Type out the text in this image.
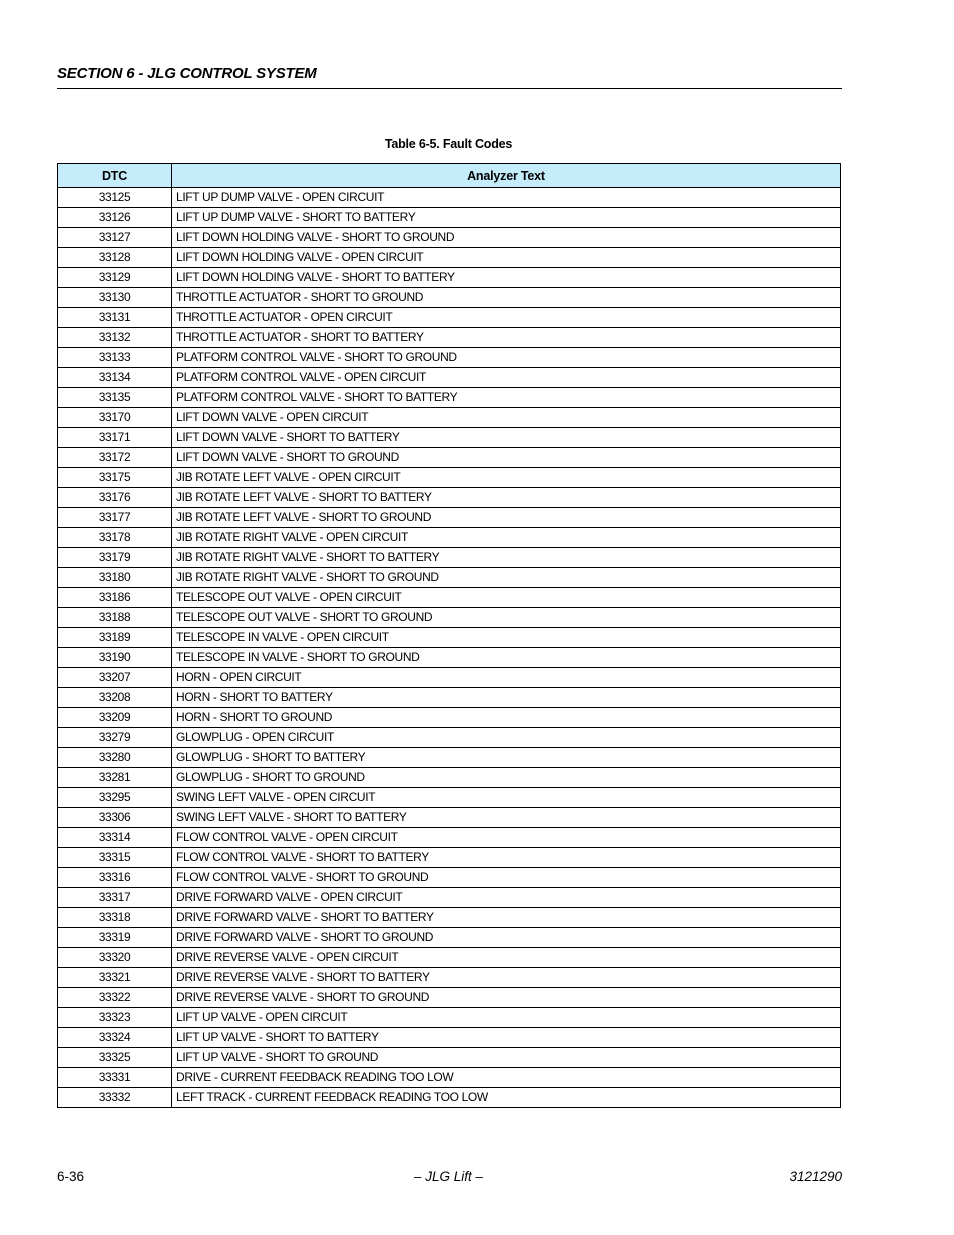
SECTION 6 - JLG CONTROL SYSTEM
Table 6-5. Fault Codes
DTC	Analyzer Text
33125	LIFT UP DUMP VALVE - OPEN CIRCUIT
33126	LIFT UP DUMP VALVE - SHORT TO BATTERY
33127	LIFT DOWN HOLDING VALVE - SHORT TO GROUND
33128	LIFT DOWN HOLDING VALVE - OPEN CIRCUIT
33129	LIFT DOWN HOLDING VALVE - SHORT TO BATTERY
33130	THROTTLE ACTUATOR - SHORT TO GROUND
33131	THROTTLE ACTUATOR - OPEN CIRCUIT
33132	THROTTLE ACTUATOR - SHORT TO BATTERY
33133	PLATFORM CONTROL VALVE - SHORT TO GROUND
33134	PLATFORM CONTROL VALVE - OPEN CIRCUIT
33135	PLATFORM CONTROL VALVE - SHORT TO BATTERY
33170	LIFT DOWN VALVE - OPEN CIRCUIT
33171	LIFT DOWN VALVE - SHORT TO BATTERY
33172	LIFT DOWN VALVE - SHORT TO GROUND
33175	JIB ROTATE LEFT VALVE - OPEN CIRCUIT
33176	JIB ROTATE LEFT VALVE - SHORT TO BATTERY
33177	JIB ROTATE LEFT VALVE - SHORT TO GROUND
33178	JIB ROTATE RIGHT VALVE - OPEN CIRCUIT
33179	JIB ROTATE RIGHT VALVE - SHORT TO BATTERY
33180	JIB ROTATE RIGHT VALVE - SHORT TO GROUND
33186	TELESCOPE OUT VALVE - OPEN CIRCUIT
33188	TELESCOPE OUT VALVE - SHORT TO GROUND
33189	TELESCOPE IN VALVE - OPEN CIRCUIT
33190	TELESCOPE IN VALVE - SHORT TO GROUND
33207	HORN - OPEN CIRCUIT
33208	HORN - SHORT TO BATTERY
33209	HORN - SHORT TO GROUND
33279	GLOWPLUG - OPEN CIRCUIT
33280	GLOWPLUG - SHORT TO BATTERY
33281	GLOWPLUG - SHORT TO GROUND
33295	SWING LEFT VALVE - OPEN CIRCUIT
33306	SWING LEFT VALVE - SHORT TO BATTERY
33314	FLOW CONTROL VALVE - OPEN CIRCUIT
33315	FLOW CONTROL VALVE - SHORT TO BATTERY
33316	FLOW CONTROL VALVE - SHORT TO GROUND
33317	DRIVE FORWARD VALVE - OPEN CIRCUIT
33318	DRIVE FORWARD VALVE - SHORT TO BATTERY
33319	DRIVE FORWARD VALVE - SHORT TO GROUND
33320	DRIVE REVERSE VALVE - OPEN CIRCUIT
33321	DRIVE REVERSE VALVE - SHORT TO BATTERY
33322	DRIVE REVERSE VALVE - SHORT TO GROUND
33323	LIFT UP VALVE - OPEN CIRCUIT
33324	LIFT UP VALVE - SHORT TO BATTERY
33325	LIFT UP VALVE - SHORT TO GROUND
33331	DRIVE - CURRENT FEEDBACK READING TOO LOW
33332	LEFT TRACK - CURRENT FEEDBACK READING TOO LOW
6-36	– JLG Lift –	3121290
